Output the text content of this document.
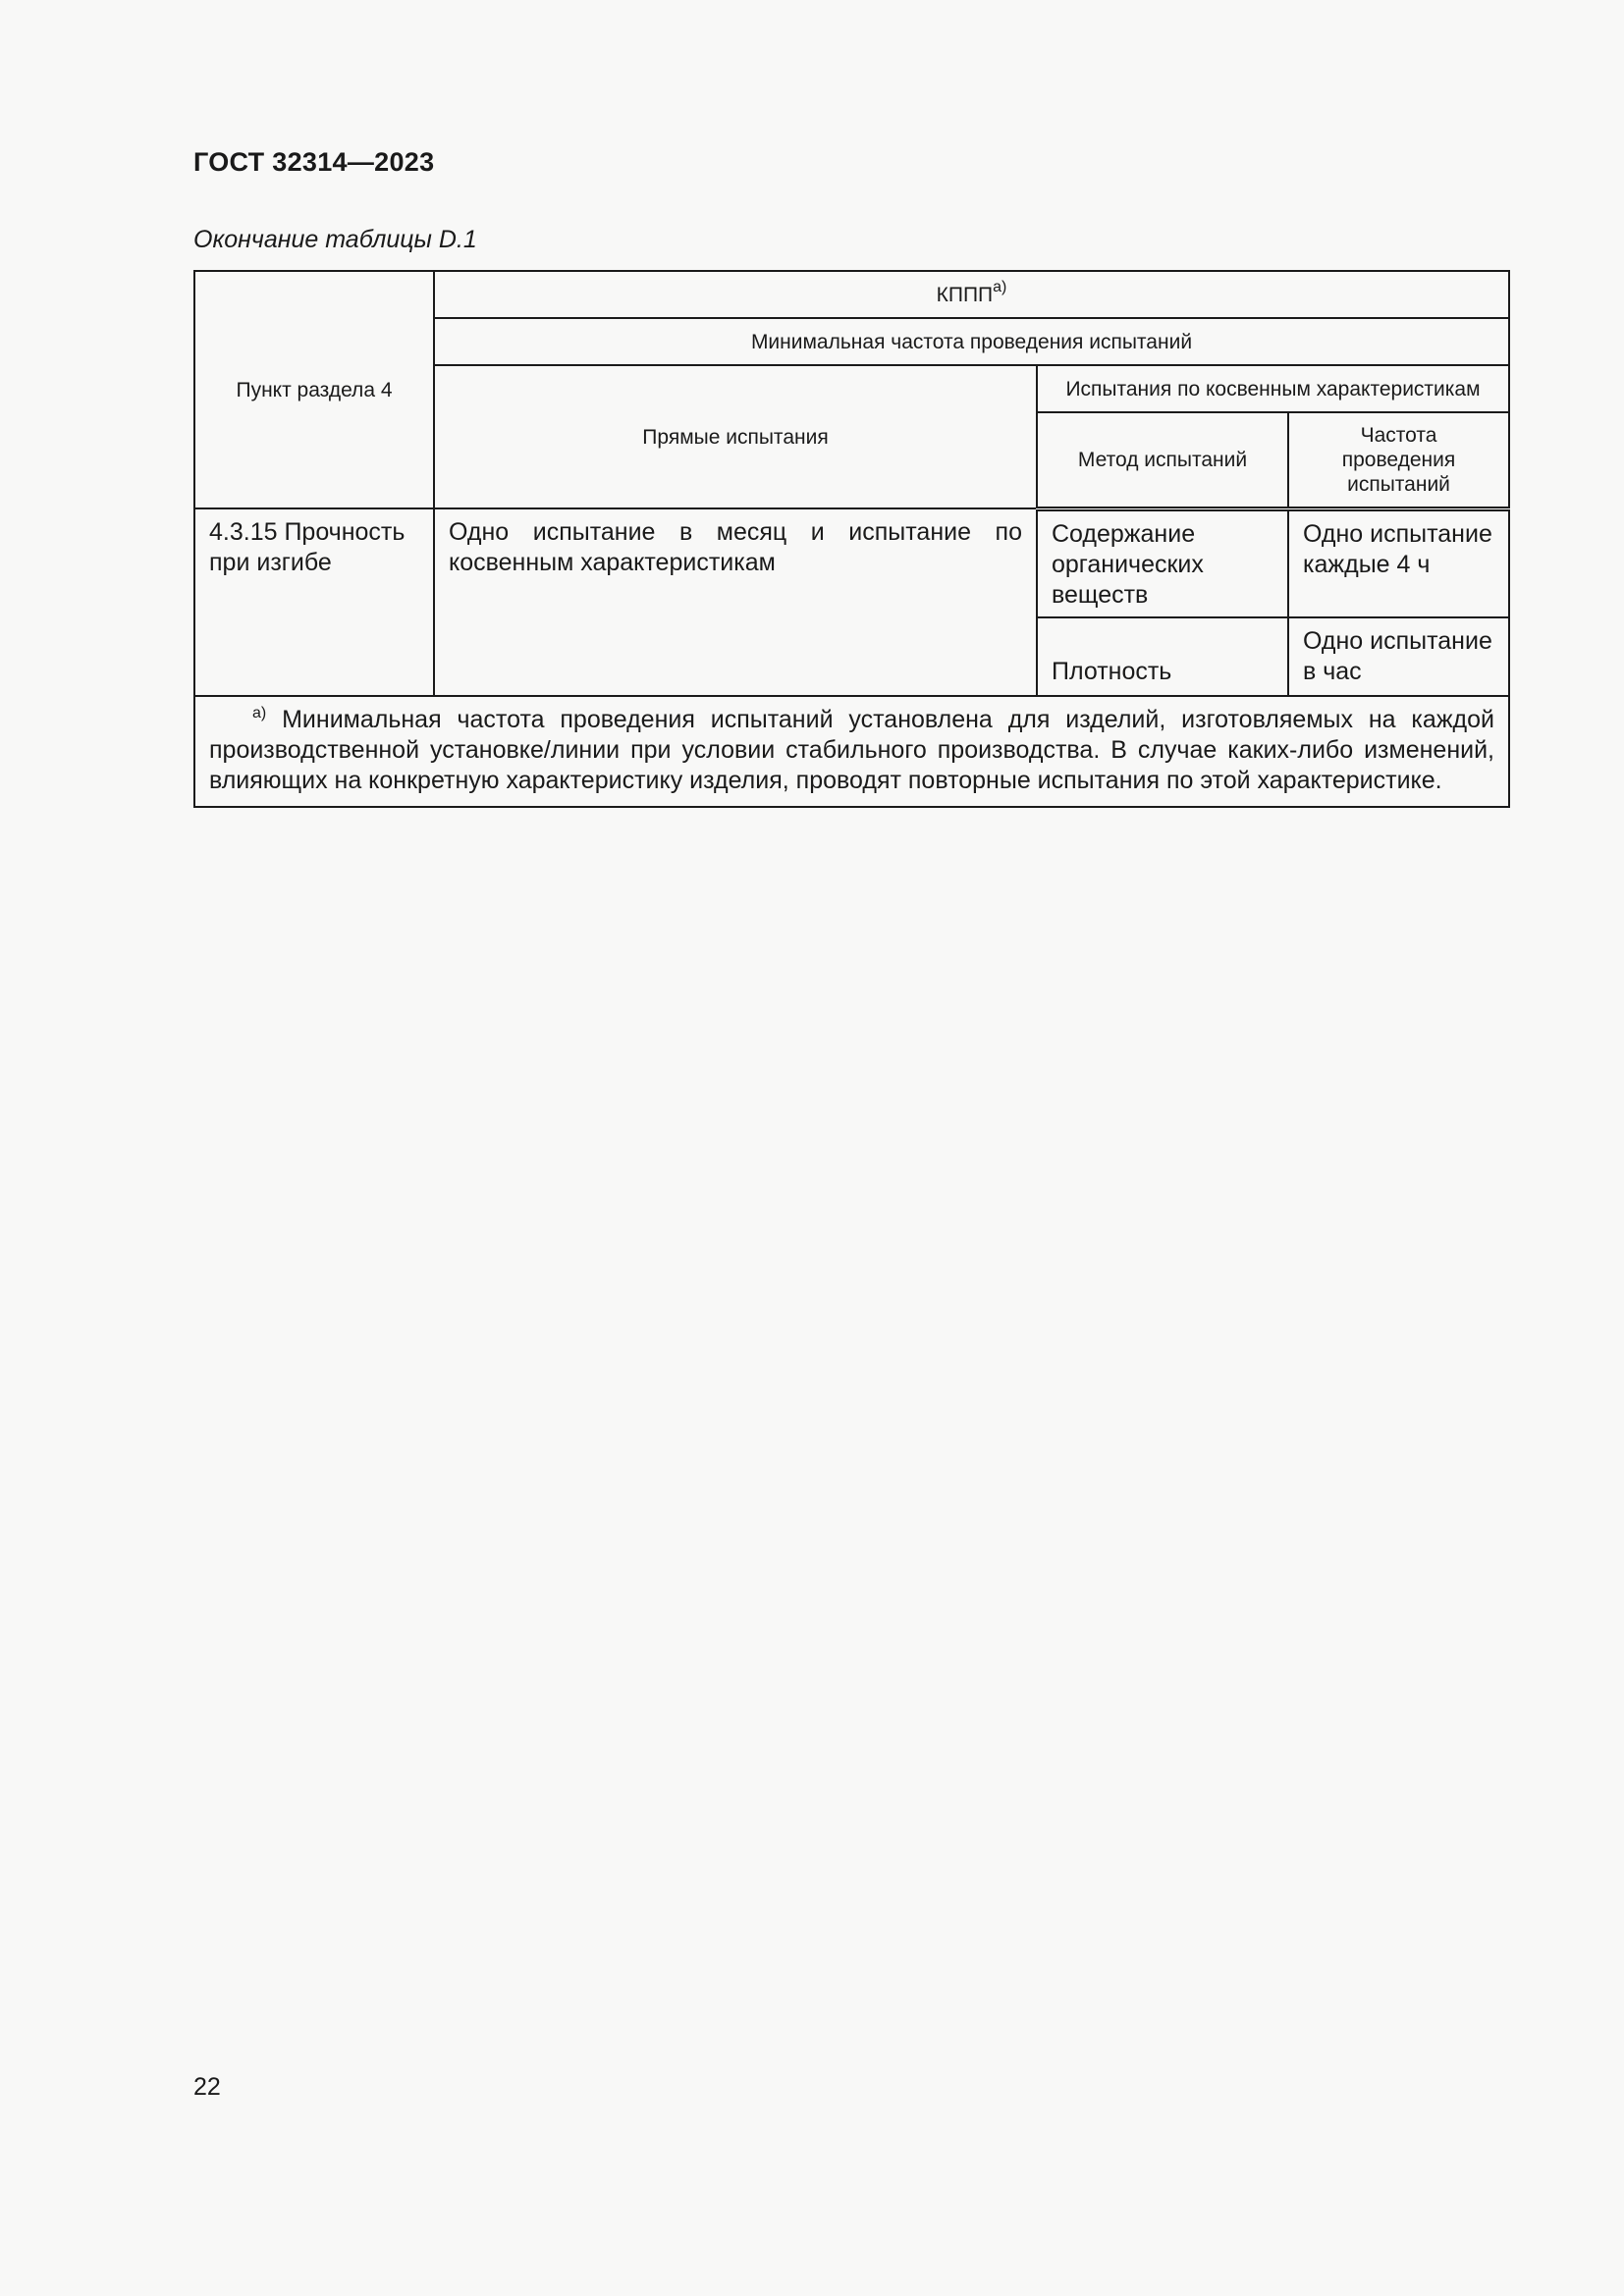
ГОСТ 32314—2023
Окончание таблицы D.1
Пункт раздела 4	$КППП^{а)}$
	Минимальная частота проведения испытаний		
	Прямые испытания	Испытания по косвенным характеристикам	
		Метод испытаний	Частота проведения испытаний
4.3.15 Прочность при изгибе	Одно испытание в месяц и испытание по косвенным характеристикам	Содержание органических веществ	Одно испытание каждые 4 ч
		Плотность	Одно испытание в час
$^{а)}$ Минимальная частота проведения испытаний установлена для изделий, изготовляемых на каждой производственной установке/линии при условии стабильного производства. В случае каких-либо изменений, влияющих на конкретную характеристику изделия, проводят повторные испытания по этой характеристике.			
22
